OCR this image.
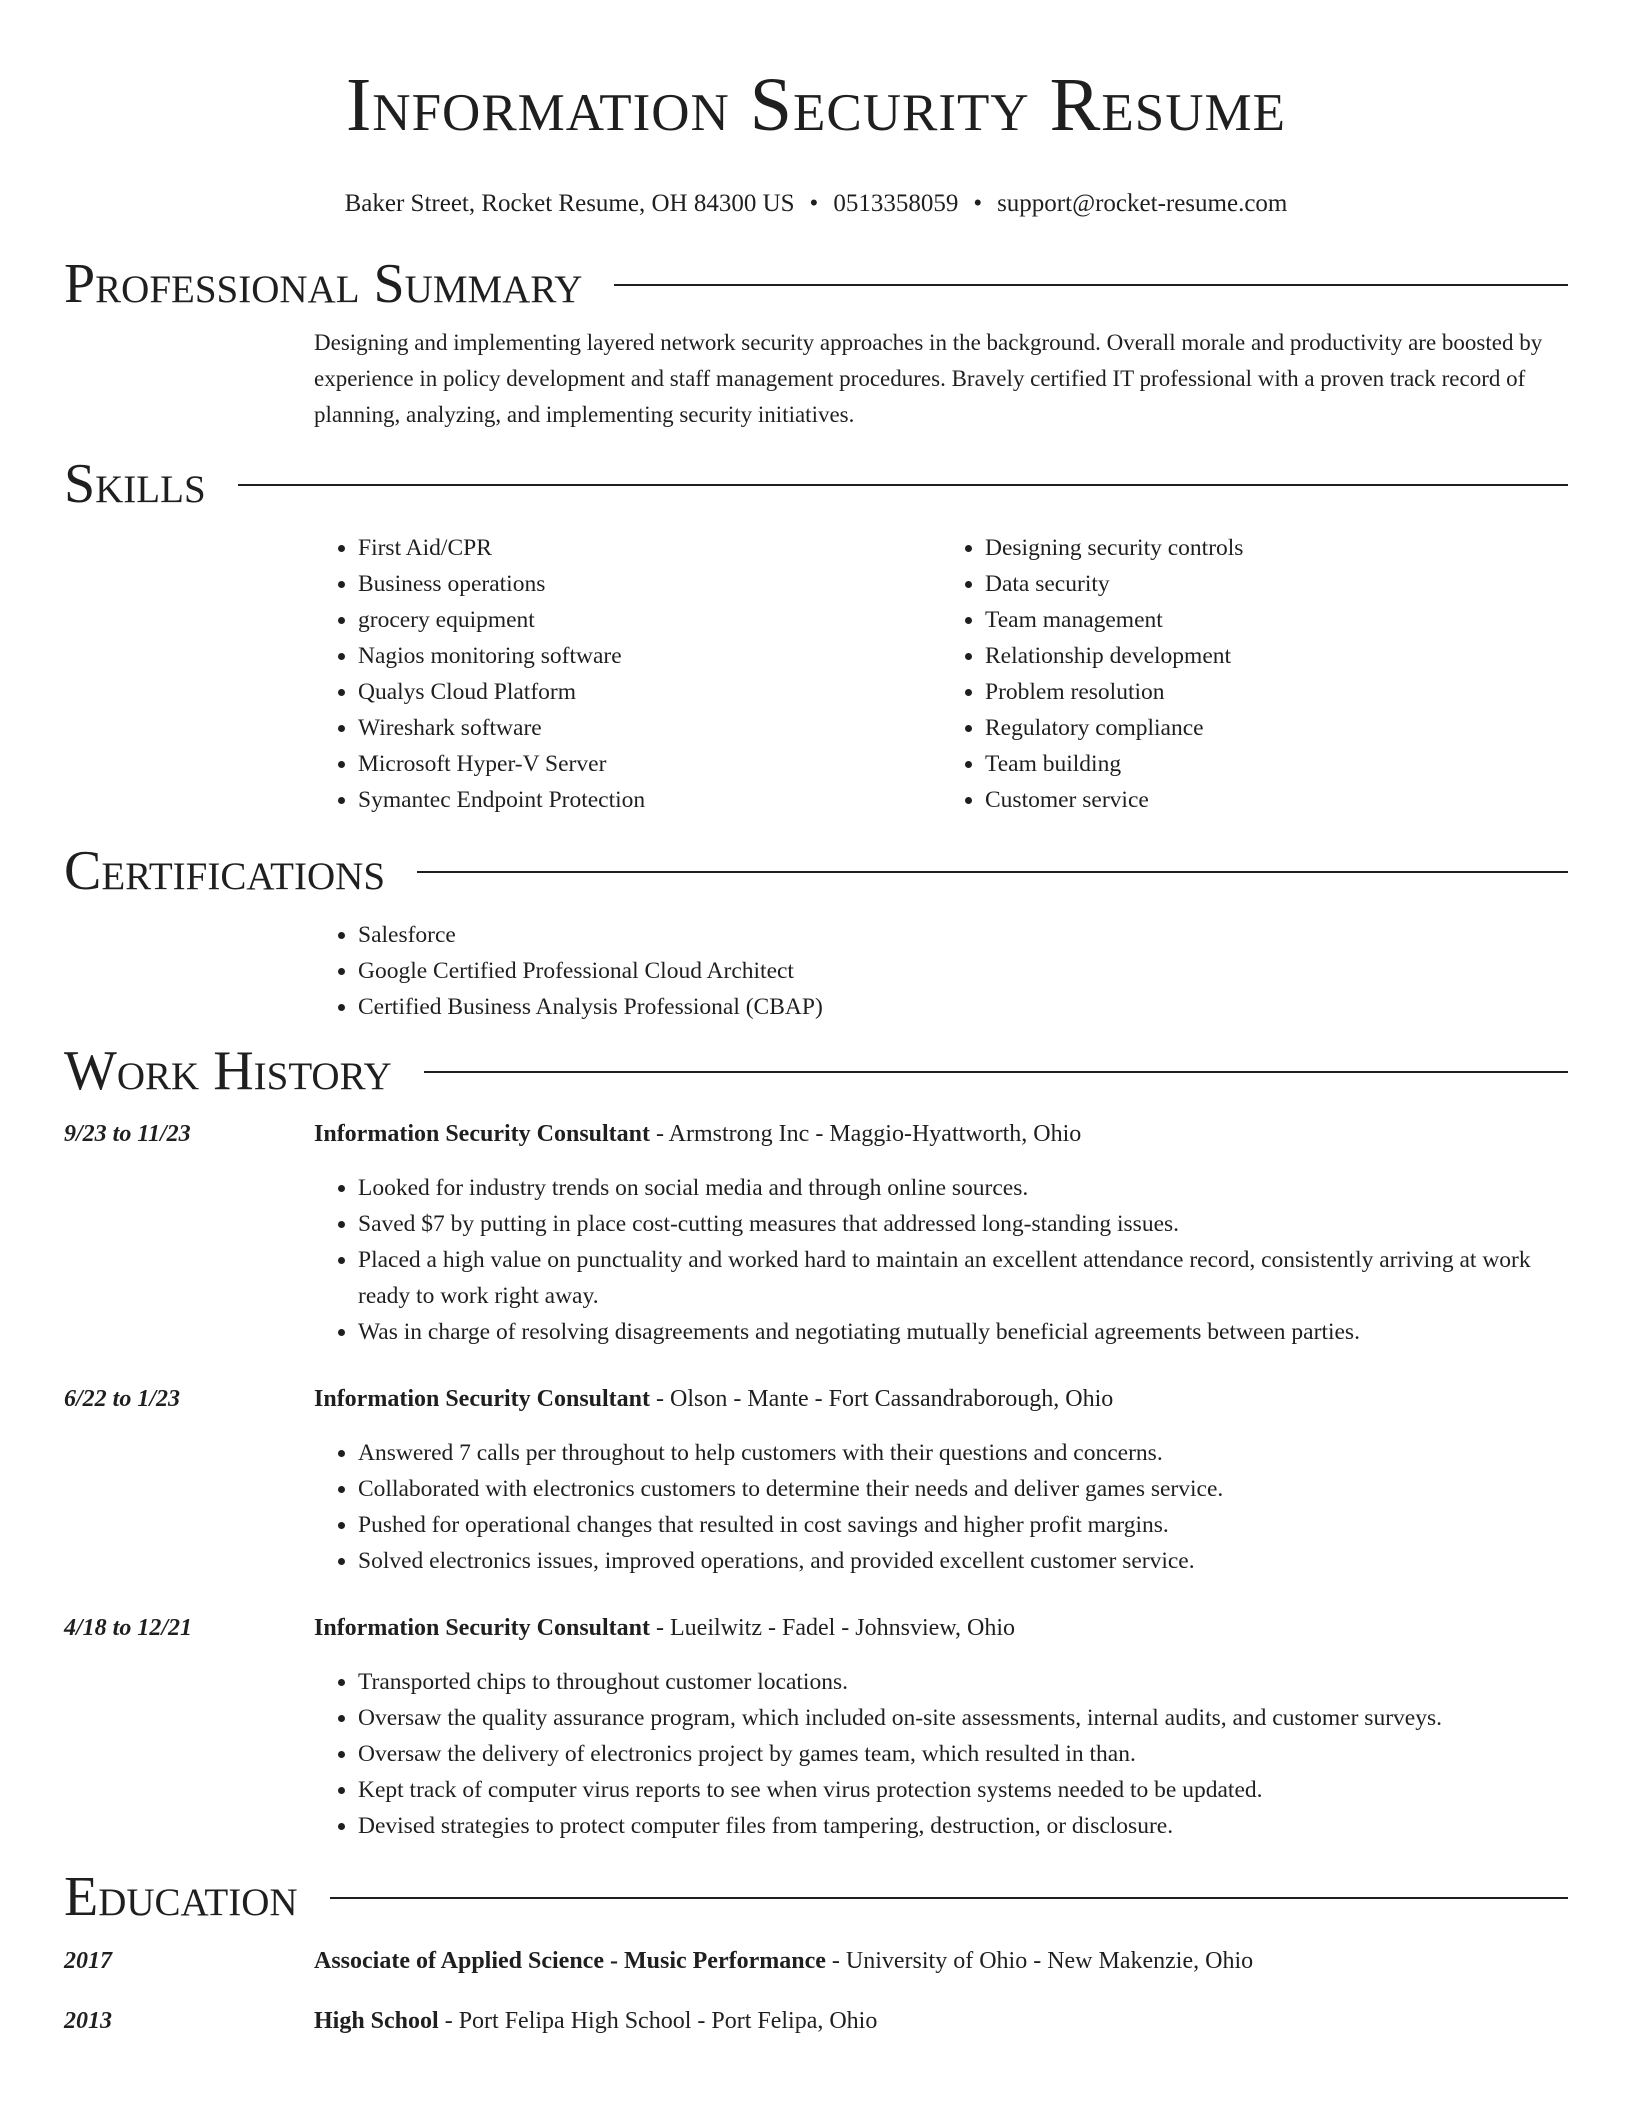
Information Security Resume
Baker Street, Rocket Resume, OH 84300 US • 0513358059 • support@rocket-resume.com
Professional Summary

Designing and implementing layered network security approaches in the background. Overall morale and productivity are boosted by experience in policy development and staff management procedures. Bravely certified IT professional with a proven track record of planning, analyzing, and implementing security initiatives.

Skills
• First Aid/CPR
• Business operations
• grocery equipment
• Nagios monitoring software
• Qualys Cloud Platform
• Wireshark software
• Microsoft Hyper-V Server
• Symantec Endpoint Protection
• Designing security controls
• Data security
• Team management
• Relationship development
• Problem resolution
• Regulatory compliance
• Team building
• Customer service
Certifications
• Salesforce
• Google Certified Professional Cloud Architect
• Certified Business Analysis Professional (CBAP)
Work History
9/23 to 11/23	Information Security Consultant - Armstrong Inc - Maggio-Hyattworth, Ohio
• Looked for industry trends on social media and through online sources.
• Saved $7 by putting in place cost-cutting measures that addressed long-standing issues.
• Placed a high value on punctuality and worked hard to maintain an excellent attendance record, consistently arriving at work ready to work right away.
• Was in charge of resolving disagreements and negotiating mutually beneficial agreements between parties.
6/22 to 1/23	Information Security Consultant - Olson - Mante - Fort Cassandraborough, Ohio
• Answered 7 calls per throughout to help customers with their questions and concerns.
• Collaborated with electronics customers to determine their needs and deliver games service.
• Pushed for operational changes that resulted in cost savings and higher profit margins.
• Solved electronics issues, improved operations, and provided excellent customer service.
4/18 to 12/21	Information Security Consultant - Lueilwitz - Fadel - Johnsview, Ohio
• Transported chips to throughout customer locations.
• Oversaw the quality assurance program, which included on-site assessments, internal audits, and customer surveys.
• Oversaw the delivery of electronics project by games team, which resulted in than.
• Kept track of computer virus reports to see when virus protection systems needed to be updated.
• Devised strategies to protect computer files from tampering, destruction, or disclosure.
Education
2017	Associate of Applied Science - Music Performance - University of Ohio - New Makenzie, Ohio
2013	High School - Port Felipa High School - Port Felipa, Ohio
